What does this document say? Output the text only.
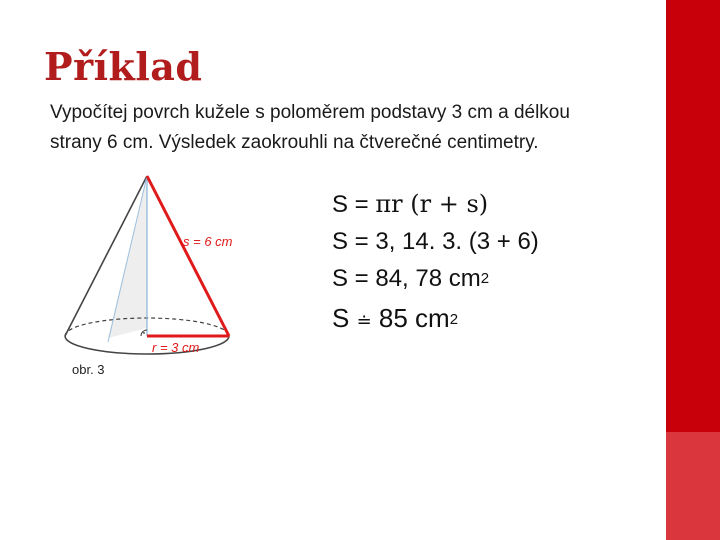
Příklad
Vypočítej povrch kužele s poloměrem podstavy 3 cm a délkou
strany 6 cm. Výsledek zaokrouhli na čtverečné centimetry.
s = 6 cm
r = 3 cm
obr. 3
S = πr (r + s)
S = 3, 14. 3. (3 + 6)
S = 84, 78 $cm^2$
S ≐ 85 $cm^2$
